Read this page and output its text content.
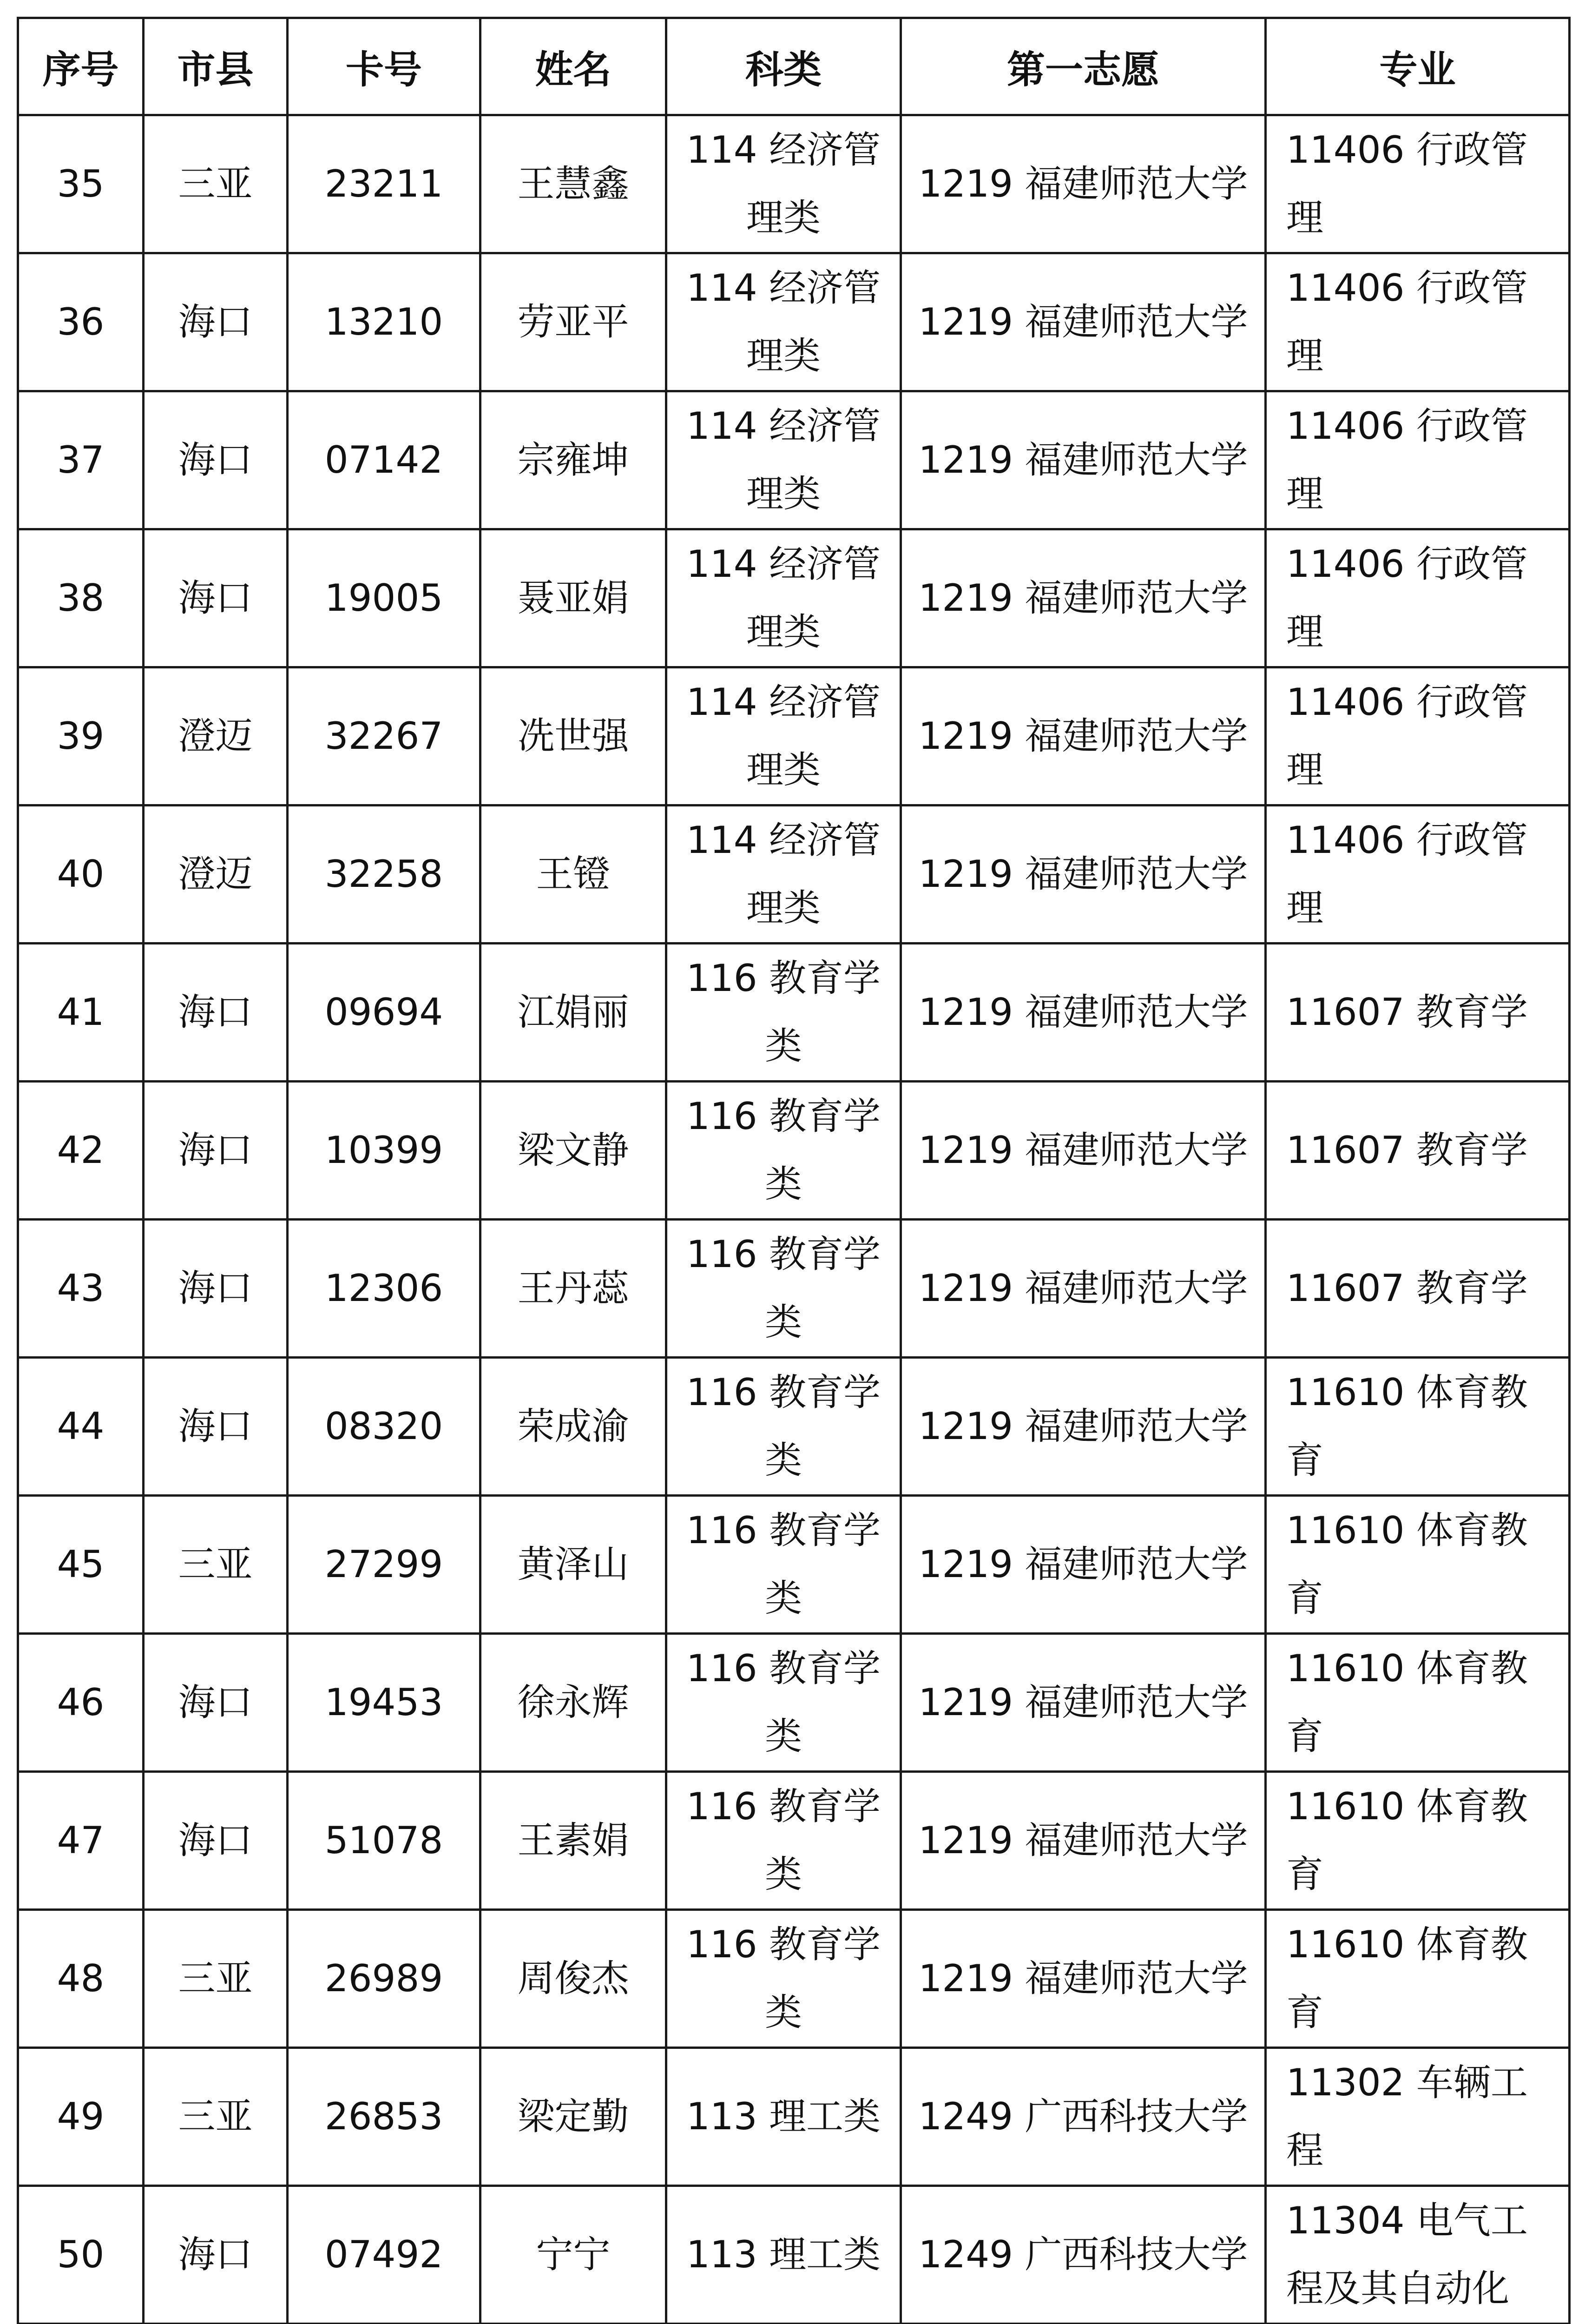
序号	市县	卡号	姓名	科类	第一志愿	专业
35	三亚	23211	王慧鑫	114 经济管理类	1219 福建师范大学	11406 行政管理
36	海口	13210	劳亚平	114 经济管理类	1219 福建师范大学	11406 行政管理
37	海口	07142	宗雍坤	114 经济管理类	1219 福建师范大学	11406 行政管理
38	海口	19005	聂亚娟	114 经济管理类	1219 福建师范大学	11406 行政管理
39	澄迈	32267	冼世强	114 经济管理类	1219 福建师范大学	11406 行政管理
40	澄迈	32258	王镫	114 经济管理类	1219 福建师范大学	11406 行政管理
41	海口	09694	江娟丽	116 教育学类	1219 福建师范大学	11607 教育学
42	海口	10399	梁文静	116 教育学类	1219 福建师范大学	11607 教育学
43	海口	12306	王丹蕊	116 教育学类	1219 福建师范大学	11607 教育学
44	海口	08320	荣成渝	116 教育学类	1219 福建师范大学	11610 体育教育
45	三亚	27299	黄泽山	116 教育学类	1219 福建师范大学	11610 体育教育
46	海口	19453	徐永辉	116 教育学类	1219 福建师范大学	11610 体育教育
47	海口	51078	王素娟	116 教育学类	1219 福建师范大学	11610 体育教育
48	三亚	26989	周俊杰	116 教育学类	1219 福建师范大学	11610 体育教育
49	三亚	26853	梁定勤	113 理工类	1249 广西科技大学	11302 车辆工程
50	海口	07492	宁宁	113 理工类	1249 广西科技大学	11304 电气工程及其自动化
